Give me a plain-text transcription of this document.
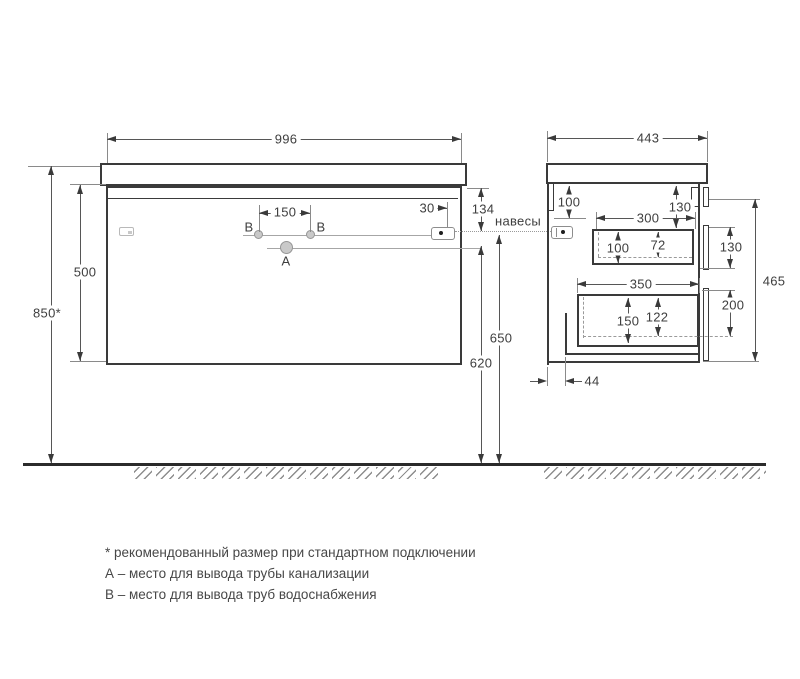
В	В
А
996
150
850*
500
134
30
навесы
650
620
443
100	130
300
100 72
350
150 122
130
200
465
44
* рекомендованный размер при стандартном подключении
А – место для вывода трубы канализации
В – место для вывода труб водоснабжения
